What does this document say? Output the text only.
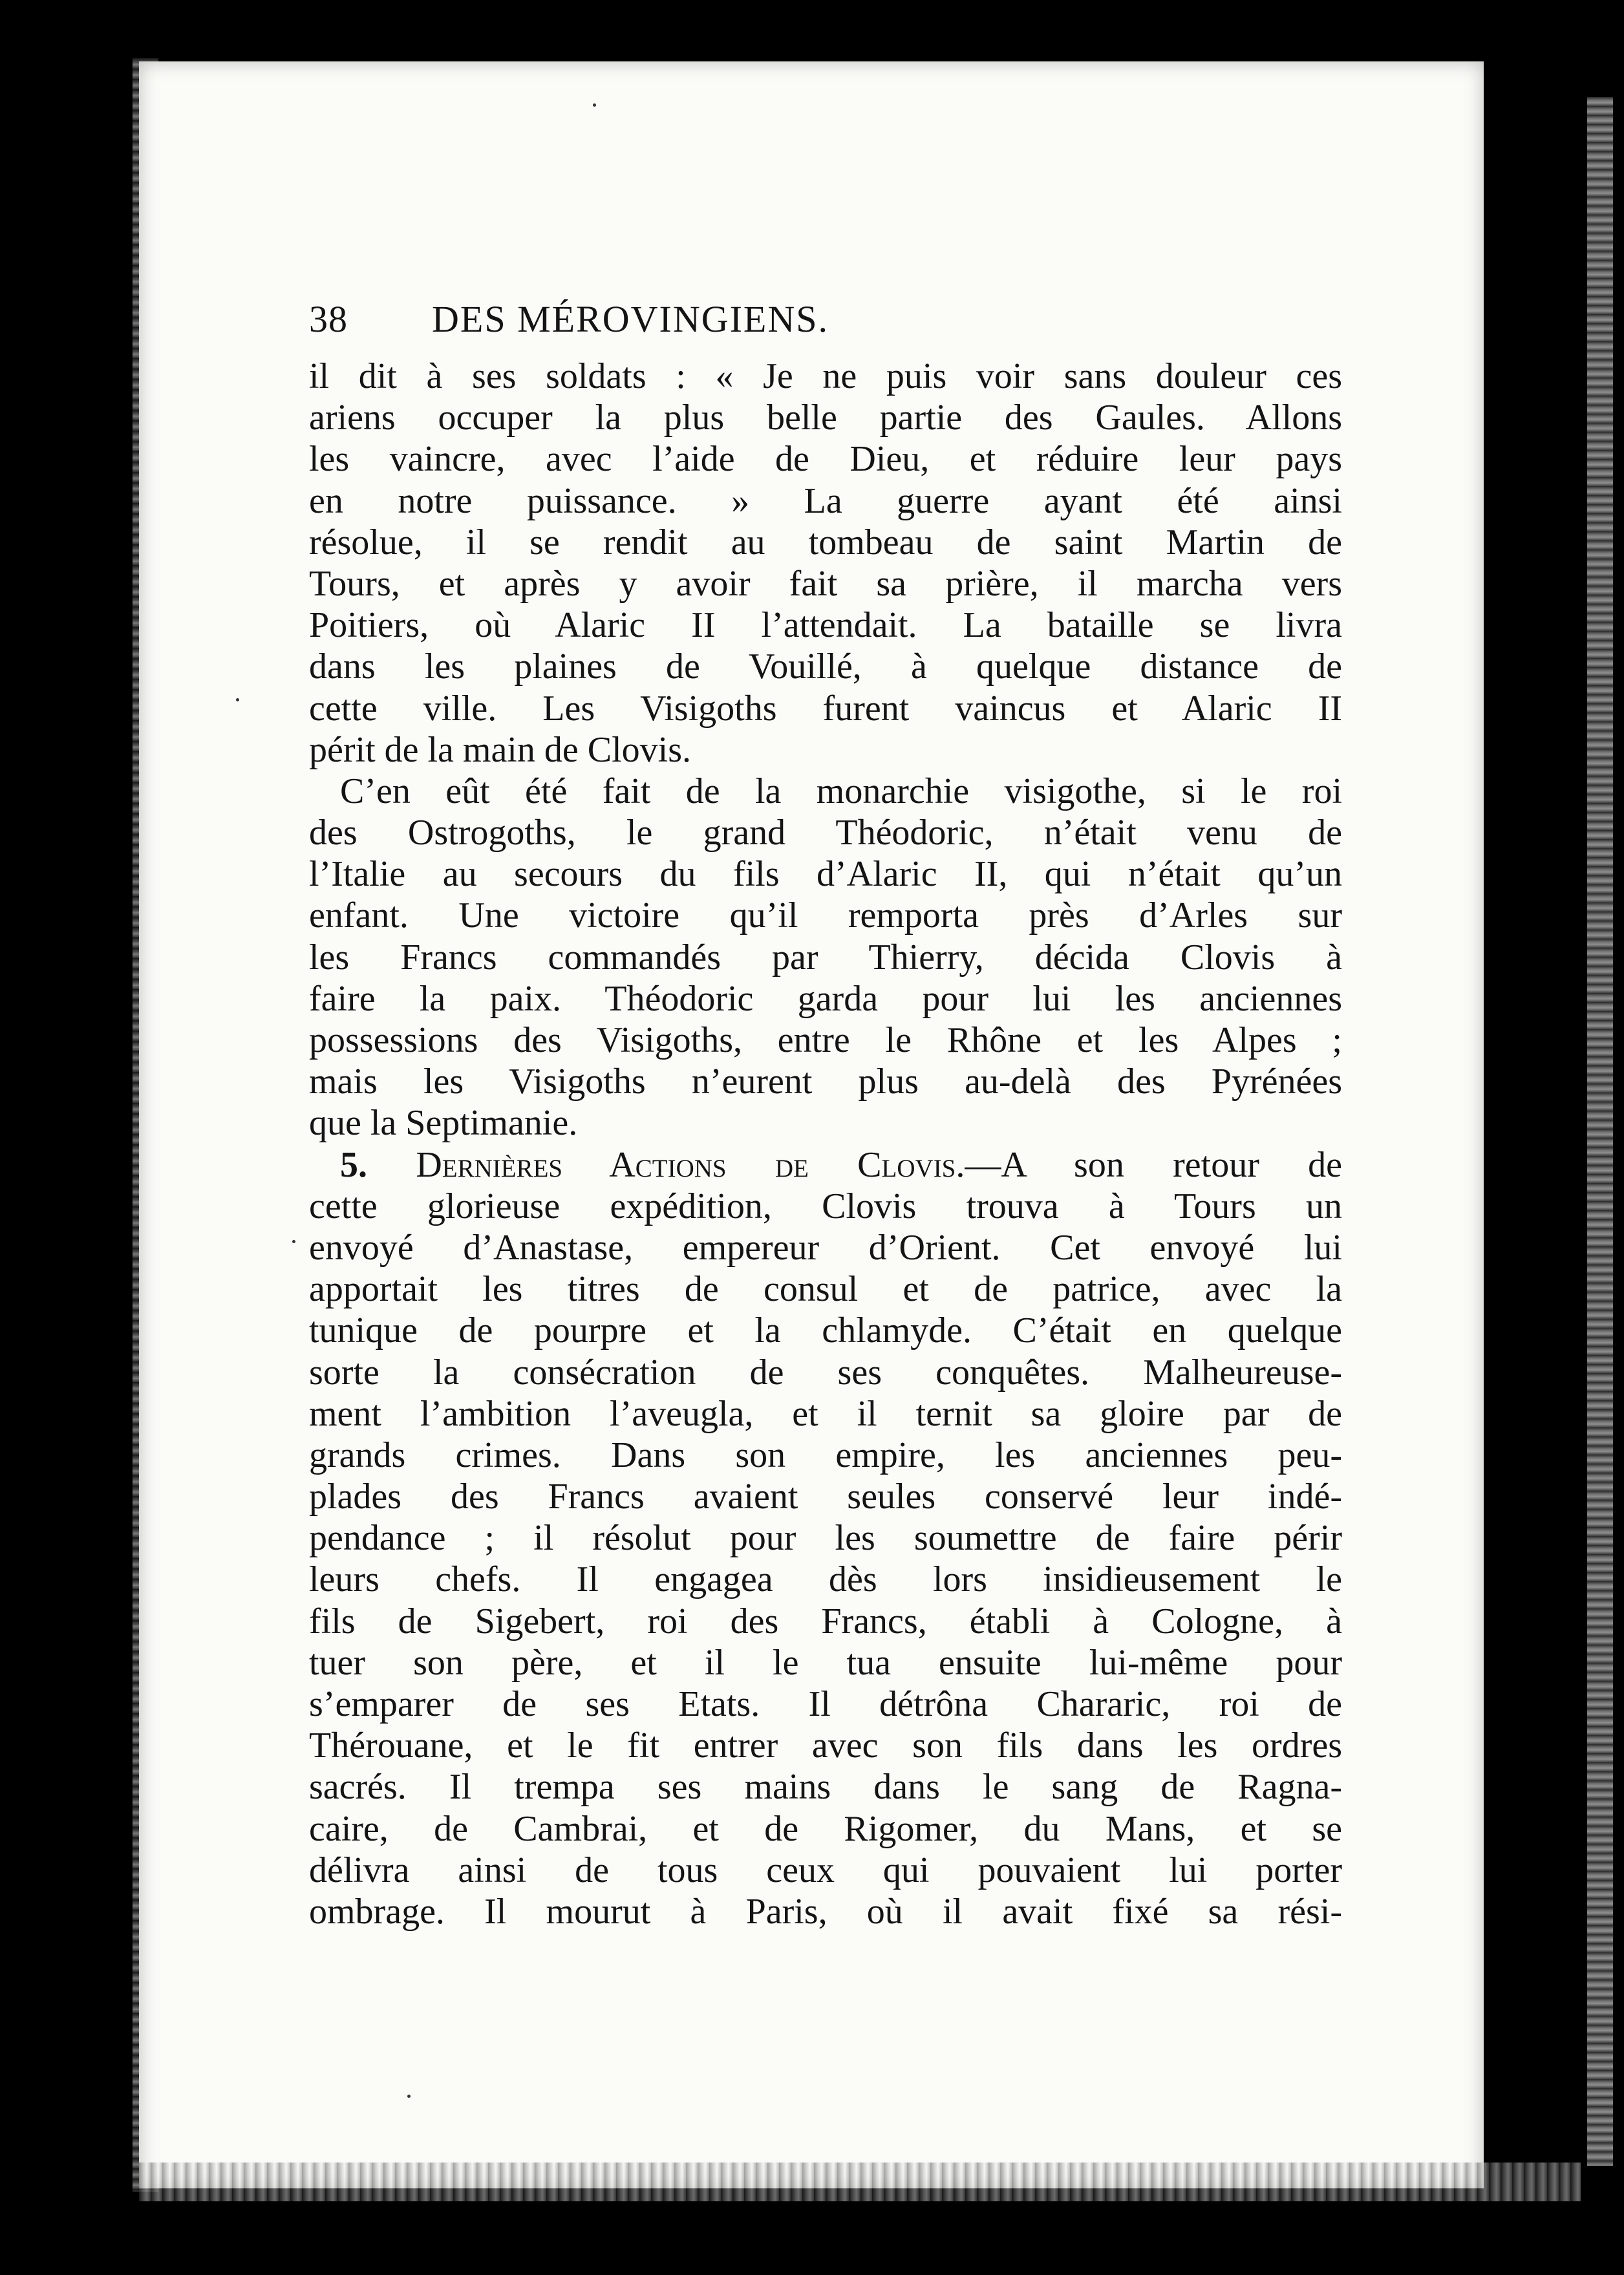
38	DES MÉROVINGIENS.
il dit à ses soldats : « Je ne puis voir sans douleur ces
ariens occuper la plus belle partie des Gaules. Allons
les vaincre, avec l’aide de Dieu, et réduire leur pays
en notre puissance. » La guerre ayant été ainsi
résolue, il se rendit au tombeau de saint Martin de
Tours, et après y avoir fait sa prière, il marcha vers
Poitiers, où Alaric II l’attendait. La bataille se livra
dans les plaines de Vouillé, à quelque distance de
cette ville. Les Visigoths furent vaincus et Alaric II
périt de la main de Clovis.
C’en eût été fait de la monarchie visigothe, si le roi
des Ostrogoths, le grand Théodoric, n’était venu de
l’Italie au secours du fils d’Alaric II, qui n’était qu’un
enfant. Une victoire qu’il remporta près d’Arles sur
les Francs commandés par Thierry, décida Clovis à
faire la paix. Théodoric garda pour lui les anciennes
possessions des Visigoths, entre le Rhône et les Alpes ;
mais les Visigoths n’eurent plus au-delà des Pyrénées
que la Septimanie.
5. Dernières Actions de Clovis.—A son retour de
cette glorieuse expédition, Clovis trouva à Tours un
envoyé d’Anastase, empereur d’Orient. Cet envoyé lui
apportait les titres de consul et de patrice, avec la
tunique de pourpre et la chlamyde. C’était en quelque
sorte la consécration de ses conquêtes. Malheureuse-
ment l’ambition l’aveugla, et il ternit sa gloire par de
grands crimes. Dans son empire, les anciennes peu-
plades des Francs avaient seules conservé leur indé-
pendance ; il résolut pour les soumettre de faire périr
leurs chefs. Il engagea dès lors insidieusement le
fils de Sigebert, roi des Francs, établi à Cologne, à
tuer son père, et il le tua ensuite lui-même pour
s’emparer de ses Etats. Il détrôna Chararic, roi de
Thérouane, et le fit entrer avec son fils dans les ordres
sacrés. Il trempa ses mains dans le sang de Ragna-
caire, de Cambrai, et de Rigomer, du Mans, et se
délivra ainsi de tous ceux qui pouvaient lui porter
ombrage. Il mourut à Paris, où il avait fixé sa rési-
